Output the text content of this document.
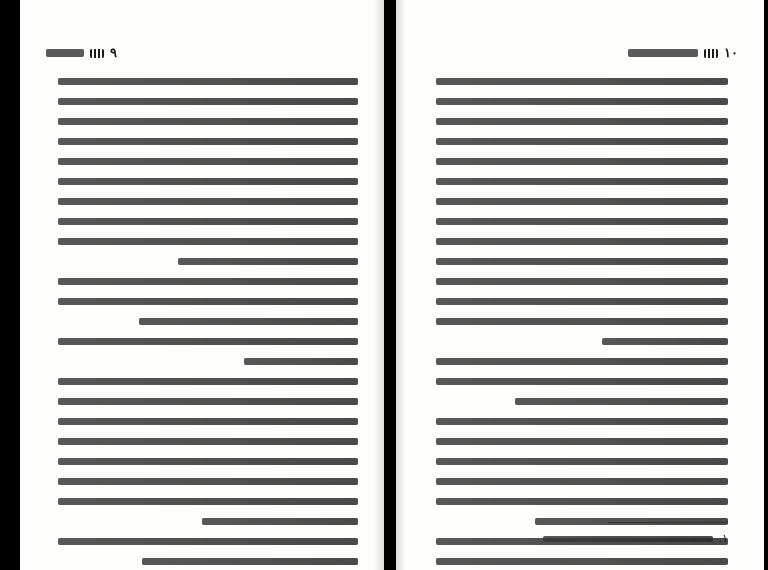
۹	۱۰
۱.
